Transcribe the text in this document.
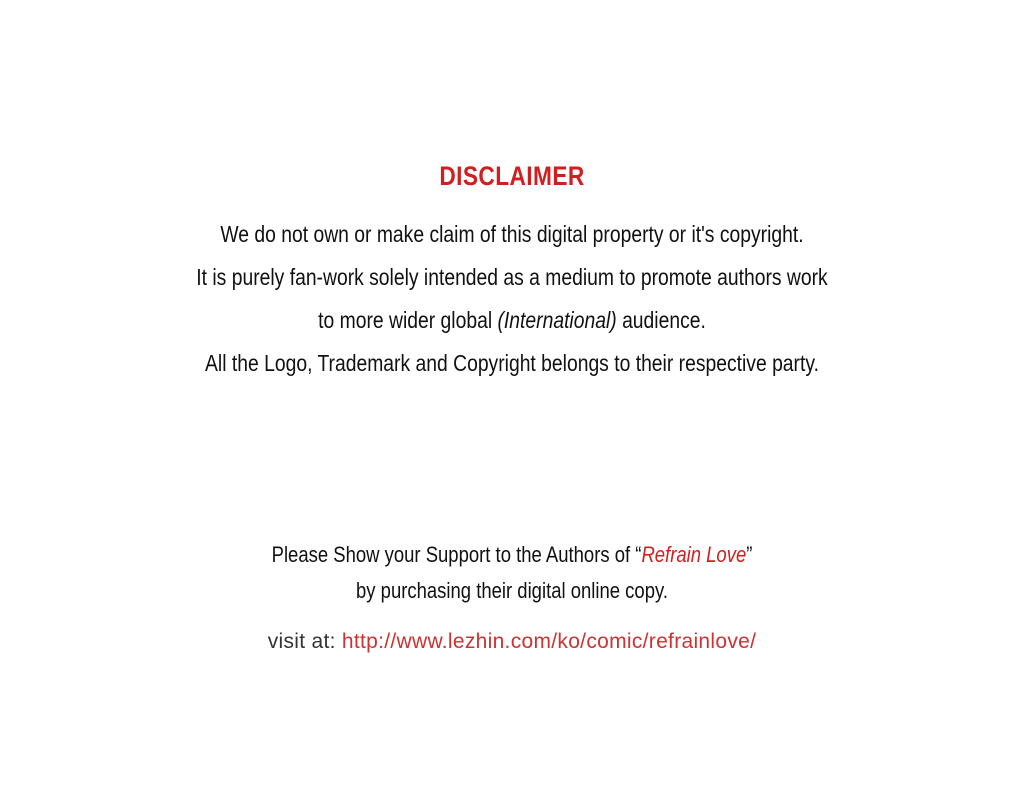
DISCLAIMER
We do not own or make claim of this digital property or it's copyright.
It is purely fan-work solely intended as a medium to promote authors work
to more wider global (International) audience.
All the Logo, Trademark and Copyright belongs to their respective party.
Please Show your Support to the Authors of “Refrain Love”
by purchasing their digital online copy.
visit at: http://www.lezhin.com/ko/comic/refrainlove/
